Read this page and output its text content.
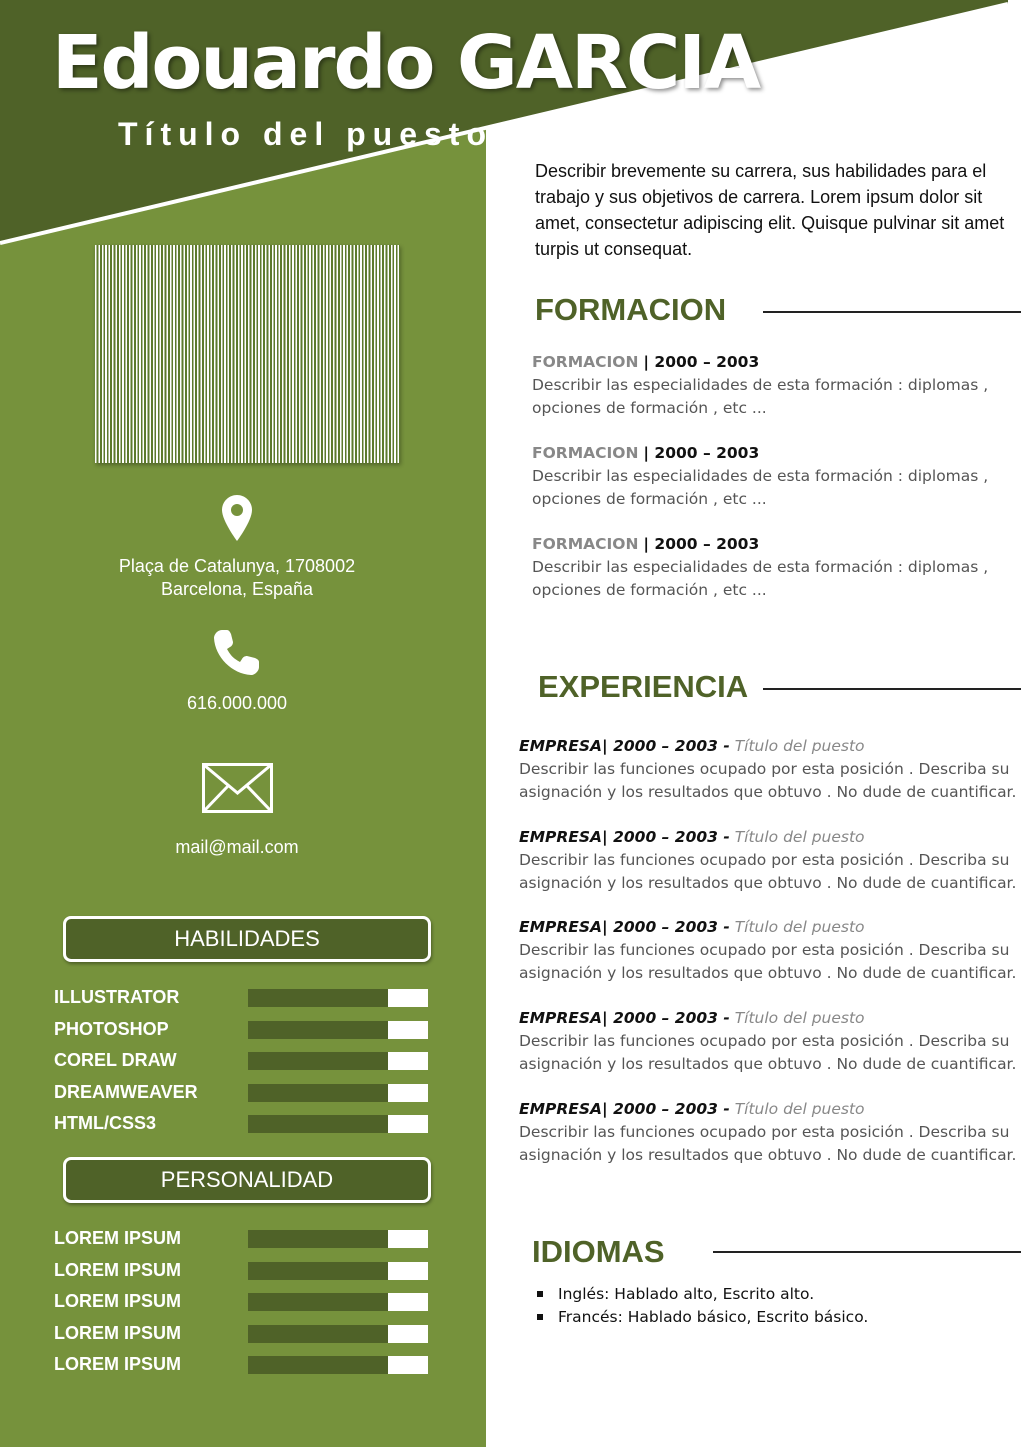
Edouardo GARCIA
Título del puesto
Describir brevemente su carrera, sus habilidades para el trabajo y sus objetivos de carrera. Lorem ipsum dolor sit amet, consectetur adipiscing elit. Quisque pulvinar sit amet turpis ut consequat.
Plaça de Catalunya, 1708002
Barcelona, España
616.000.000
mail@mail.com
HABILIDADES
ILLUSTRATOR
PHOTOSHOP
COREL DRAW
DREAMWEAVER
HTML/CSS3
PERSONALIDAD
LOREM IPSUM
LOREM IPSUM
LOREM IPSUM
LOREM IPSUM
LOREM IPSUM
FORMACION
FORMACION | 2000 – 2003
Describir las especialidades de esta formación : diplomas ,
opciones de formación , etc ...
FORMACION | 2000 – 2003
Describir las especialidades de esta formación : diplomas ,
opciones de formación , etc ...
FORMACION | 2000 – 2003
Describir las especialidades de esta formación : diplomas ,
opciones de formación , etc ...
EXPERIENCIA
EMPRESA| 2000 – 2003 - Título del puesto
Describir las funciones ocupado por esta posición . Describa su
asignación y los resultados que obtuvo . No dude de cuantificar.
EMPRESA| 2000 – 2003 - Título del puesto
Describir las funciones ocupado por esta posición . Describa su
asignación y los resultados que obtuvo . No dude de cuantificar.
EMPRESA| 2000 – 2003 - Título del puesto
Describir las funciones ocupado por esta posición . Describa su
asignación y los resultados que obtuvo . No dude de cuantificar.
EMPRESA| 2000 – 2003 - Título del puesto
Describir las funciones ocupado por esta posición . Describa su
asignación y los resultados que obtuvo . No dude de cuantificar.
EMPRESA| 2000 – 2003 - Título del puesto
Describir las funciones ocupado por esta posición . Describa su
asignación y los resultados que obtuvo . No dude de cuantificar.
IDIOMAS
Inglés: Hablado alto, Escrito alto.
Francés: Hablado básico, Escrito básico.
